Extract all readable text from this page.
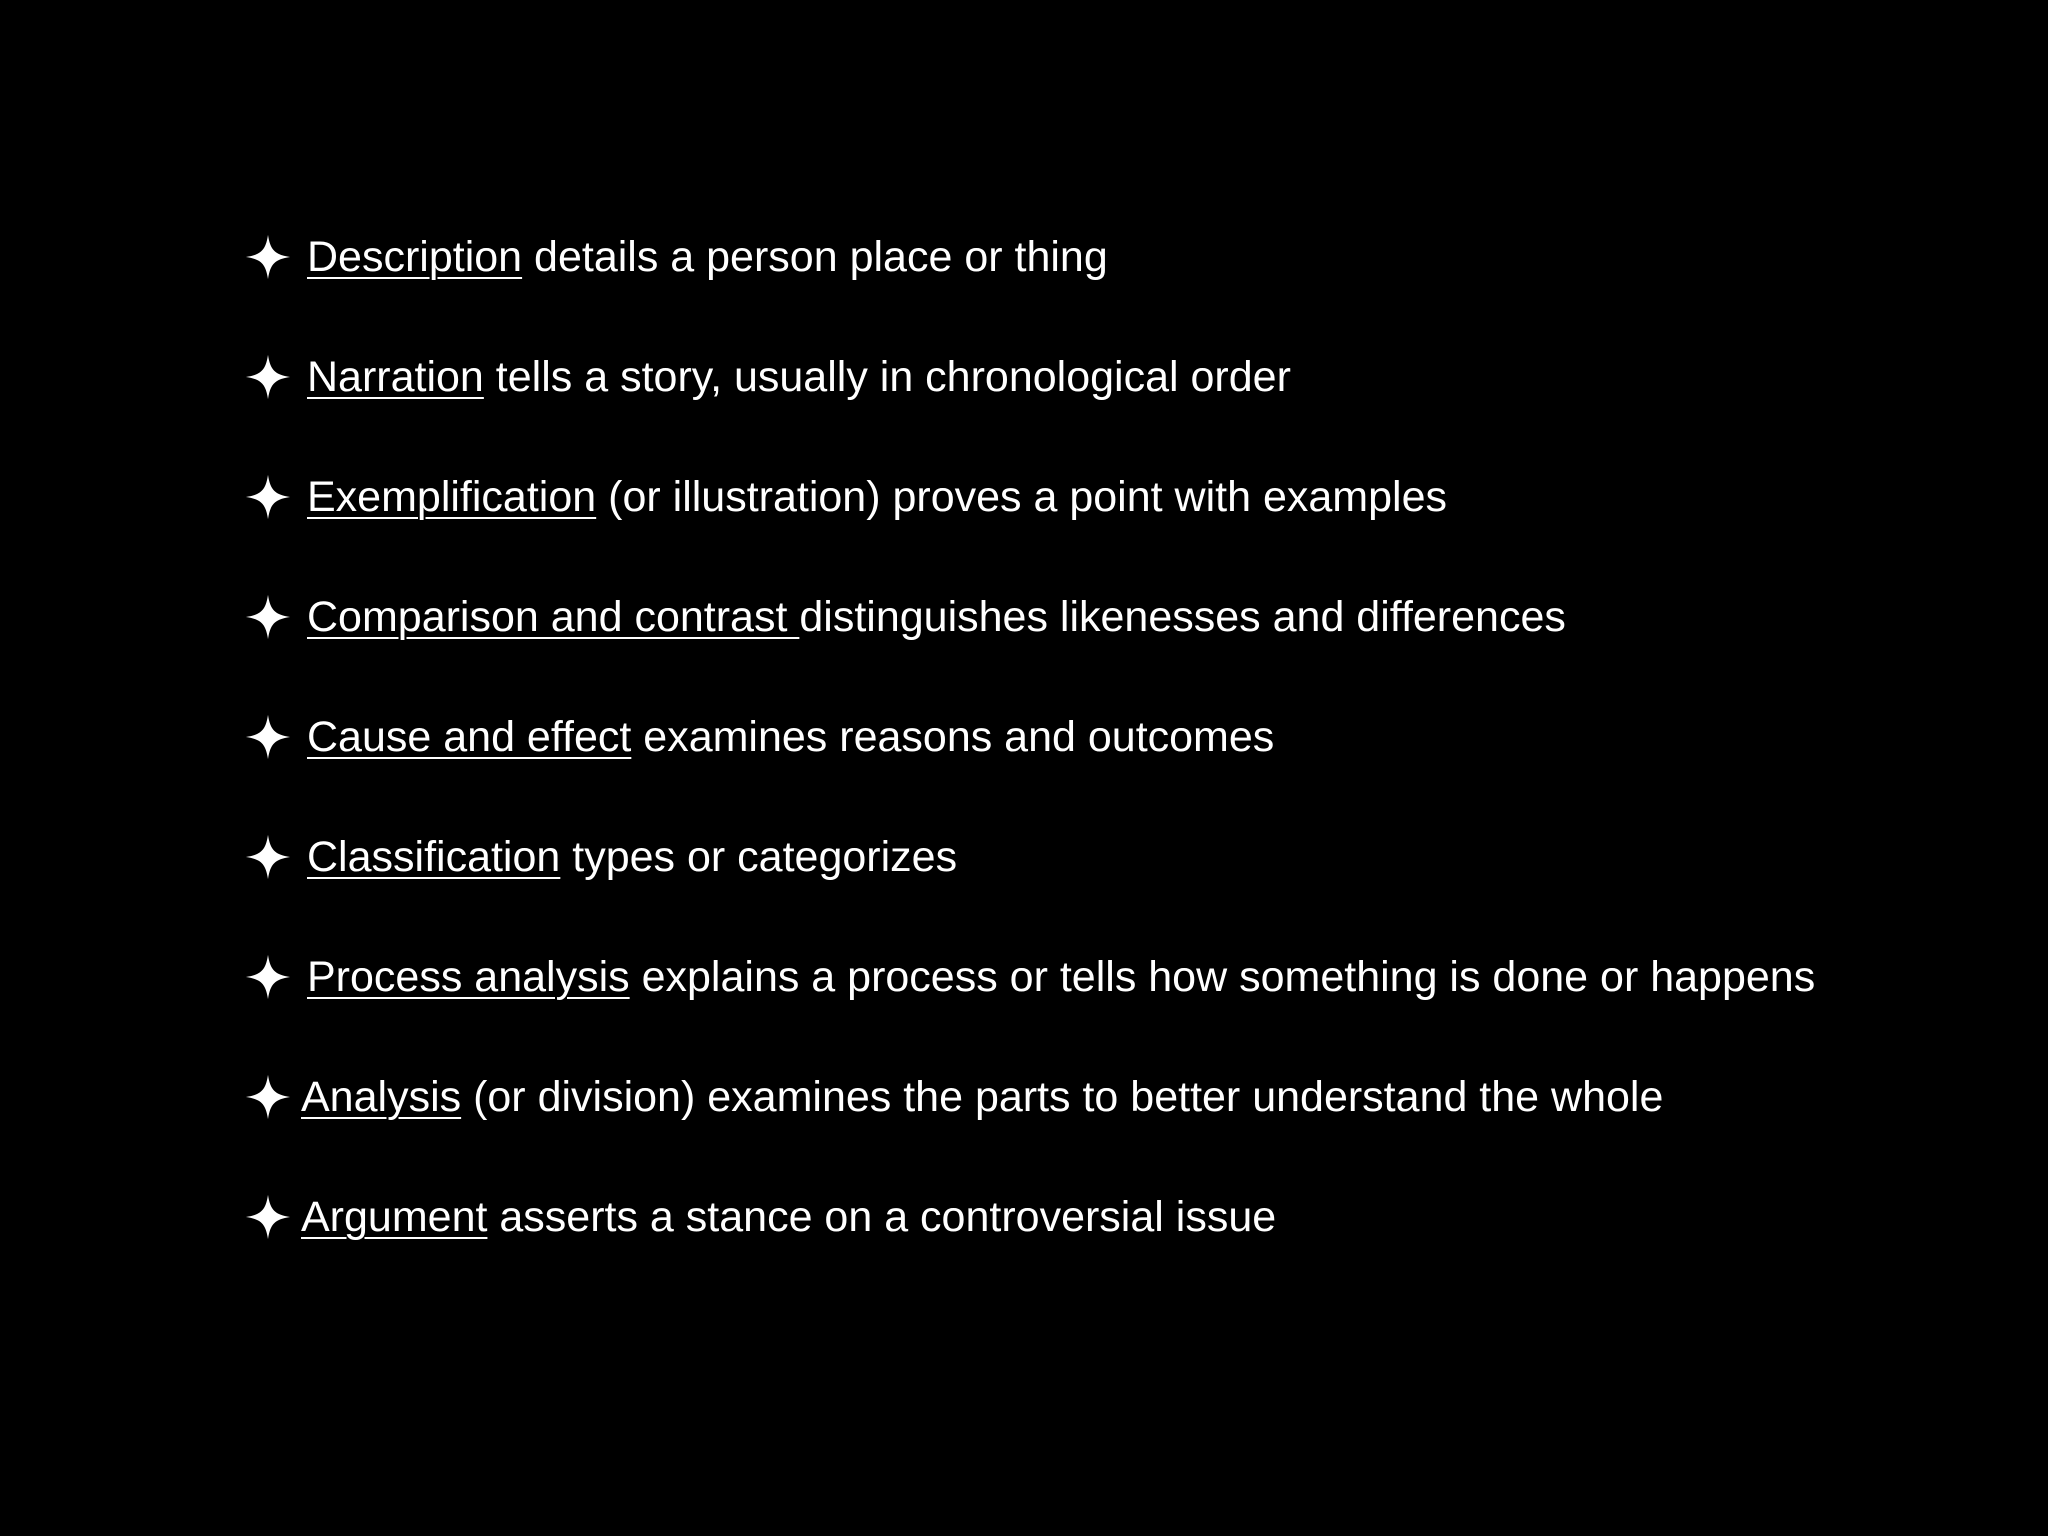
Description details a person place or thing
Narration tells a story, usually in chronological order
Exemplification (or illustration) proves a point with examples
Comparison and contrast distinguishes likenesses and differences
Cause and effect examines reasons and outcomes
Classification types or categorizes
Process analysis explains a process or tells how something is done or happens
Analysis (or division) examines the parts to better understand the whole
Argument asserts a stance on a controversial issue
